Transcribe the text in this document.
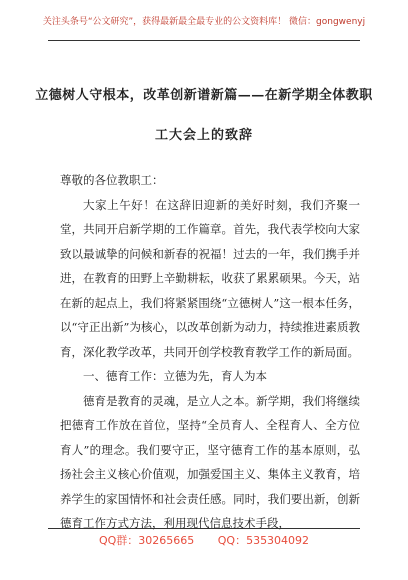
关注头条号“公文研究”，获得最新最全最专业的公文资料库！ 微信：gongwenyj
立德树人守根本，改革创新谱新篇——在新学期全体教职
工大会上的致辞

尊敬的各位教职工：

大家上午好！在这辞旧迎新的美好时刻，我们齐聚一堂，共同开启新学期的工作篇章。首先，我代表学校向大家致以最诚挚的问候和新春的祝福！过去的一年，我们携手并进，在教育的田野上辛勤耕耘，收获了累累硕果。今天，站在新的起点上，我们将紧紧围绕“立德树人”这一根本任务，以“守正出新”为核心，以改革创新为动力，持续推进素质教育，深化教学改革，共同开创学校教育教学工作的新局面。

一、德育工作：立德为先，育人为本

德育是教育的灵魂，是立人之本。新学期，我们将继续把德育工作放在首位，坚持“全员育人、全程育人、全方位育人”的理念。我们要守正，坚守德育工作的基本原则，弘扬社会主义核心价值观，加强爱国主义、集体主义教育，培养学生的家国情怀和社会责任感。同时，我们要出新，创新德育工作方式方法，利用现代信息技术手段，

QQ群：30265665 QQ：535304092
